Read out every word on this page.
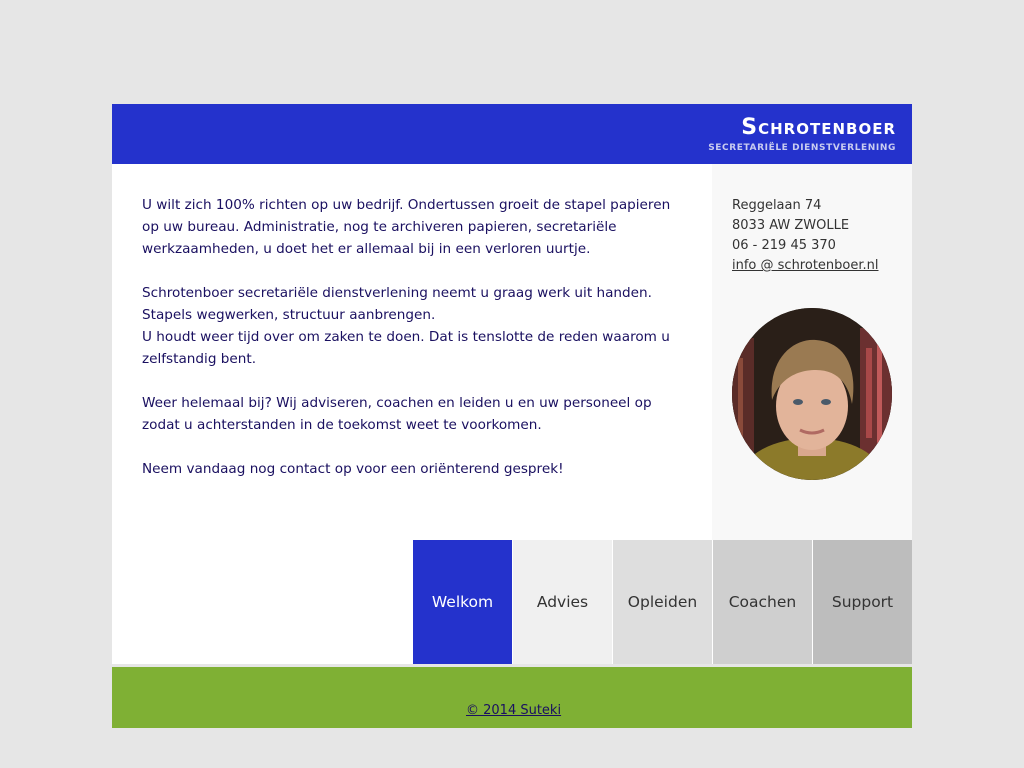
Schrotenboer
SECRETARIËLE DIENSTVERLENING

U wilt zich 100% richten op uw bedrijf. Ondertussen groeit de stapel papieren op uw bureau. Administratie, nog te archiveren papieren, secretariële werkzaamheden, u doet het er allemaal bij in een verloren uurtje.

Schrotenboer secretariële dienstverlening neemt u graag werk uit handen.
Stapels wegwerken, structuur aanbrengen.
U houdt weer tijd over om zaken te doen. Dat is tenslotte de reden waarom u zelfstandig bent.

Weer helemaal bij? Wij adviseren, coachen en leiden u en uw personeel op zodat u achterstanden in de toekomst weet te voorkomen.

Neem vandaag nog contact op voor een oriënterend gesprek!

Reggelaan 74
8033 AW ZWOLLE
06 - 219 45 370
info @ schrotenboer.nl
Welkom	Advies	Opleiden	Coachen	Support
© 2014 Suteki
